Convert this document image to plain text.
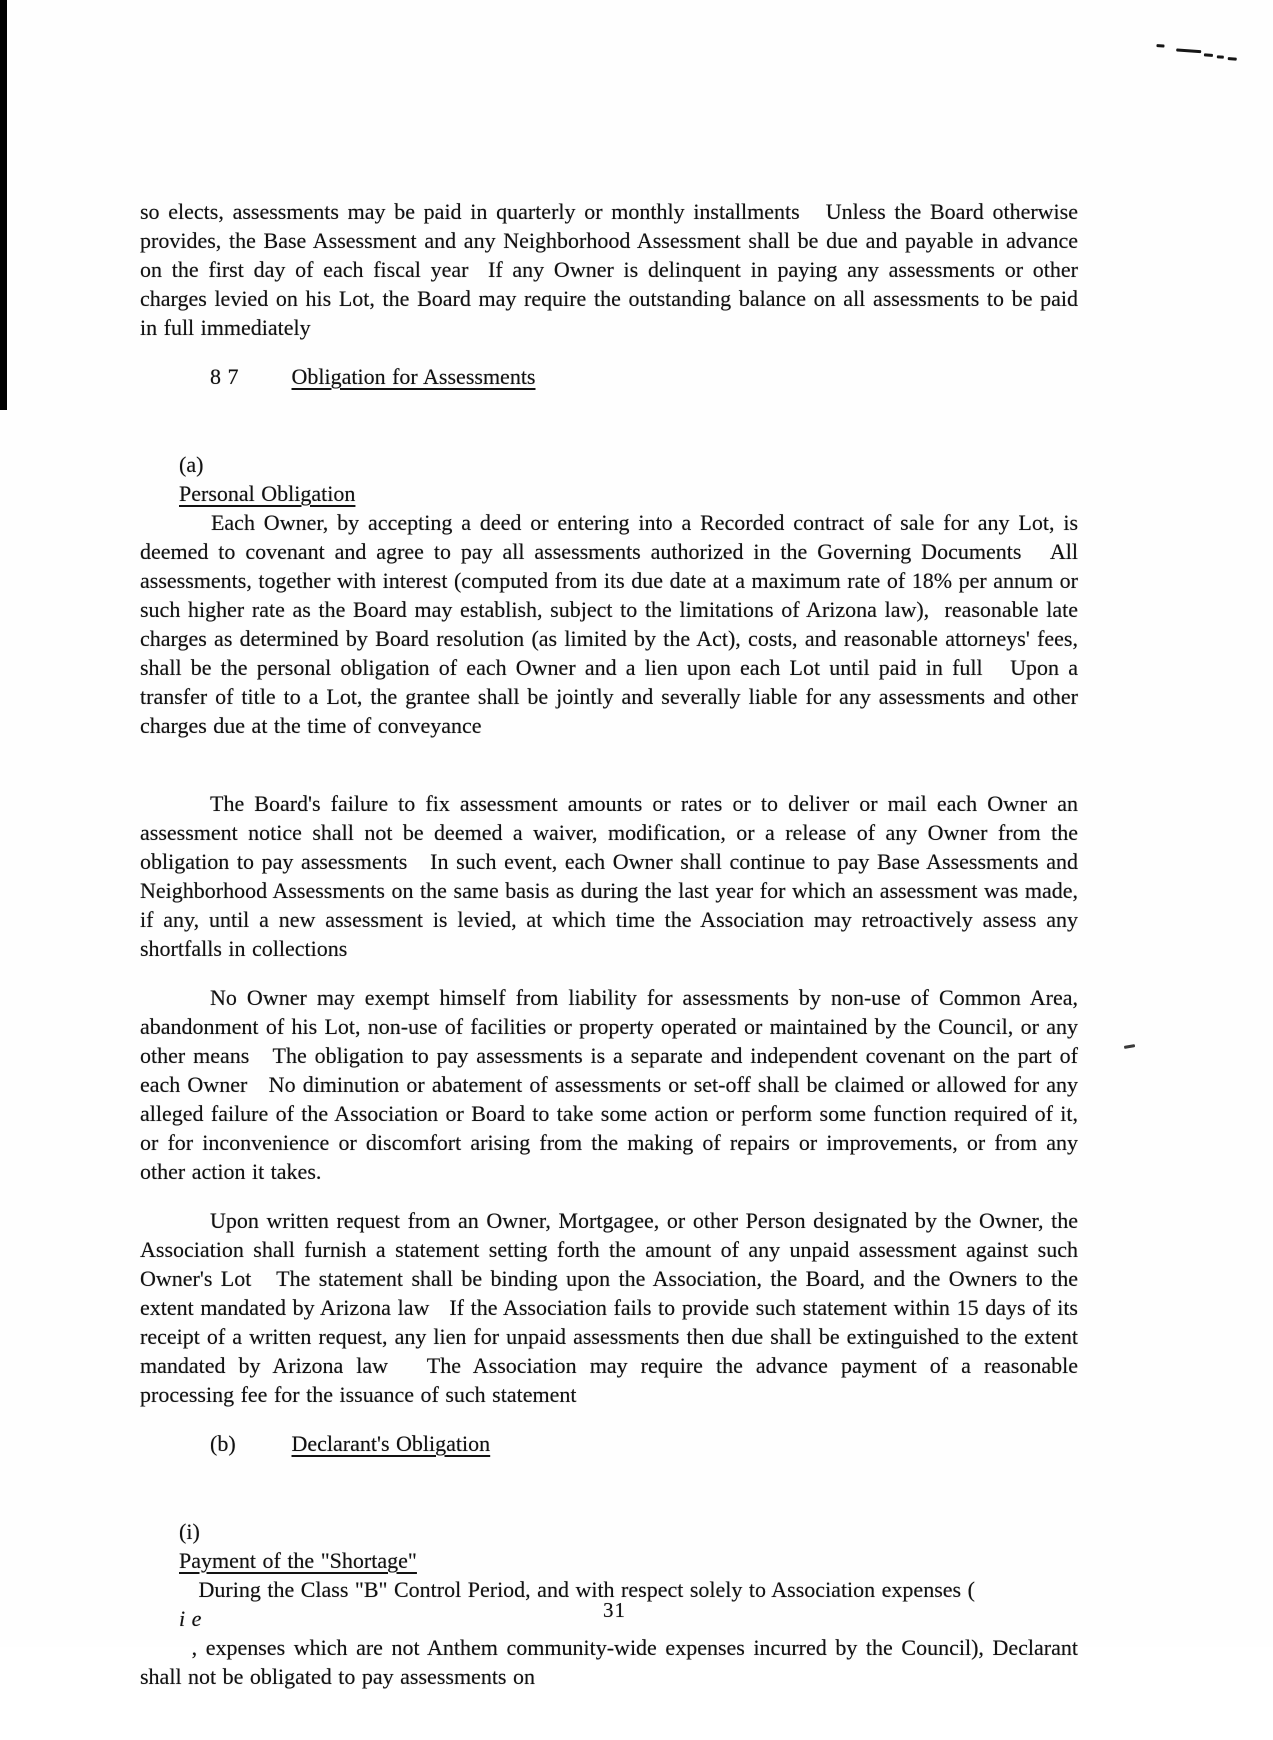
so elects, assessments may be paid in quarterly or monthly installments   Unless the Board otherwise provides, the Base Assessment and any Neighborhood Assessment shall be due and payable in advance on the first day of each fiscal year  If any Owner is delinquent in paying any assessments or other charges levied on his Lot, the Board may require the outstanding balance on all assessments to be paid in full immediately

8 7 Obligation for Assessments

(a)
Personal Obligation
Each Owner, by accepting a deed or entering into a Recorded contract of sale for any Lot, is deemed to covenant and agree to pay all assessments authorized in the Governing Documents   All assessments, together with interest (computed from its due date at a maximum rate of 18% per annum or such higher rate as the Board may establish, subject to the limitations of Arizona law),  reasonable late charges as determined by Board resolution (as limited by the Act), costs, and reasonable attorneys' fees, shall be the personal obligation of each Owner and a lien upon each Lot until paid in full   Upon a transfer of title to a Lot, the grantee shall be jointly and severally liable for any assessments and other charges due at the time of conveyance

The Board's failure to fix assessment amounts or rates or to deliver or mail each Owner an assessment notice shall not be deemed a waiver, modification, or a release of any Owner from the obligation to pay assessments   In such event, each Owner shall continue to pay Base Assessments and Neighborhood Assessments on the same basis as during the last year for which an assessment was made, if any, until a new assessment is levied, at which time the Association may retroactively assess any shortfalls in collections

No Owner may exempt himself from liability for assessments by non-use of Common Area, abandonment of his Lot, non-use of facilities or property operated or maintained by the Council, or any other means   The obligation to pay assessments is a separate and independent covenant on the part of each Owner   No diminution or abatement of assessments or set-off shall be claimed or allowed for any alleged failure of the Association or Board to take some action or perform some function required of it, or for inconvenience or discomfort arising from the making of repairs or improvements, or from any other action it takes.

Upon written request from an Owner, Mortgagee, or other Person designated by the Owner, the Association shall furnish a statement setting forth the amount of any unpaid assessment against such Owner's Lot   The statement shall be binding upon the Association, the Board, and the Owners to the extent mandated by Arizona law   If the Association fails to provide such statement within 15 days of its receipt of a written request, any lien for unpaid assessments then due shall be extinguished to the extent mandated by Arizona law   The Association may require the advance payment of a reasonable processing fee for the issuance of such statement

(b)	Declarant's Obligation

(i)
Payment of the "Shortage"
During the Class "B" Control Period, and with respect solely to Association expenses (
i e
, expenses which are not Anthem community-wide expenses incurred by the Council), Declarant shall not be obligated to pay assessments on

31
